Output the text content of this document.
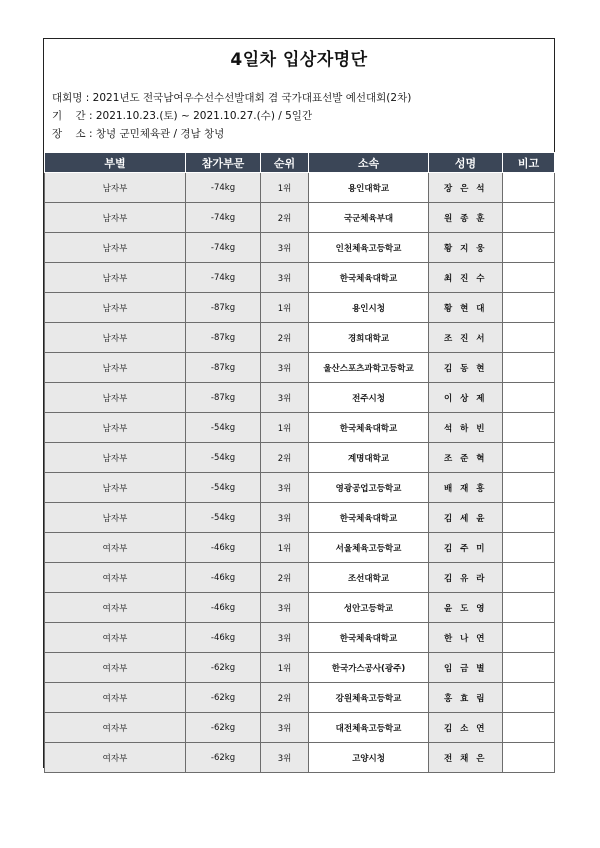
4일차 입상자명단
대회명 : 2021년도 전국남여우수선수선발대회 겸 국가대표선발 예선대회(2차)
기    간 : 2021.10.23.(토) ~ 2021.10.27.(수) / 5일간
장    소 : 창녕 군민체육관 / 경남 창녕
부별	참가부문	순위	소속	성명	비고
남자부	-74kg	1위	용인대학교	장 은 석	
남자부	-74kg	2위	국군체육부대	원 종 훈	
남자부	-74kg	3위	인천체육고등학교	황 지 웅	
남자부	-74kg	3위	한국체육대학교	최 진 수	
남자부	-87kg	1위	용인시청	황 현 대	
남자부	-87kg	2위	경희대학교	조 진 서	
남자부	-87kg	3위	울산스포츠과학고등학교	김 동 현	
남자부	-87kg	3위	전주시청	이 상 제	
남자부	-54kg	1위	한국체육대학교	석 하 빈	
남자부	-54kg	2위	계명대학교	조 준 혁	
남자부	-54kg	3위	영광공업고등학교	배 재 흥	
남자부	-54kg	3위	한국체육대학교	김 세 윤	
여자부	-46kg	1위	서울체육고등학교	김 주 미	
여자부	-46kg	2위	조선대학교	김 유 라	
여자부	-46kg	3위	성안고등학교	윤 도 영	
여자부	-46kg	3위	한국체육대학교	한 나 연	
여자부	-62kg	1위	한국가스공사(광주)	임 금 별	
여자부	-62kg	2위	강원체육고등학교	홍 효 림	
여자부	-62kg	3위	대전체육고등학교	김 소 연	
여자부	-62kg	3위	고양시청	전 채 은	
